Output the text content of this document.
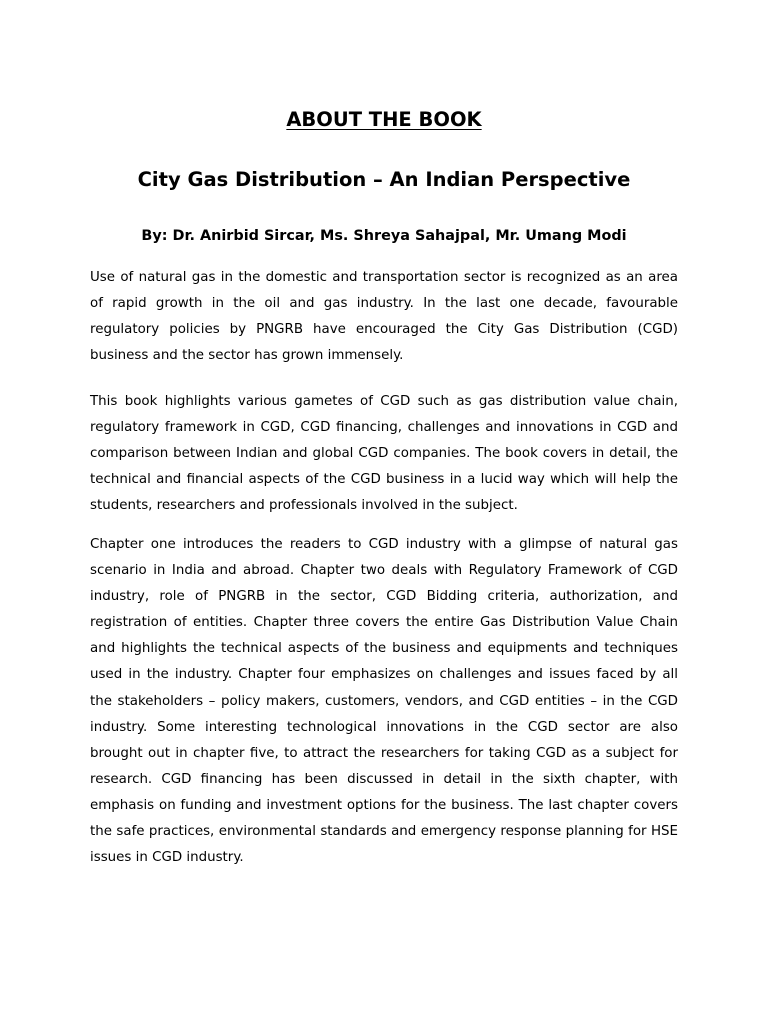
ABOUT THE BOOK
City Gas Distribution – An Indian Perspective

By: Dr. Anirbid Sircar, Ms. Shreya Sahajpal, Mr. Umang Modi

Use of natural gas in the domestic and transportation sector is recognized as an area of rapid growth in the oil and gas industry. In the last one decade, favourable regulatory policies by PNGRB have encouraged the City Gas Distribution (CGD) business and the sector has grown immensely.

This book highlights various gametes of CGD such as gas distribution value chain, regulatory framework in CGD, CGD financing, challenges and innovations in CGD and comparison between Indian and global CGD companies. The book covers in detail, the technical and financial aspects of the CGD business in a lucid way which will help the students, researchers and professionals involved in the subject.

Chapter one introduces the readers to CGD industry with a glimpse of natural gas scenario in India and abroad. Chapter two deals with Regulatory Framework of CGD industry, role of PNGRB in the sector, CGD Bidding criteria, authorization, and registration of entities. Chapter three covers the entire Gas Distribution Value Chain and highlights the technical aspects of the business and equipments and techniques used in the industry. Chapter four emphasizes on challenges and issues faced by all the stakeholders – policy makers, customers, vendors, and CGD entities – in the CGD industry. Some interesting technological innovations in the CGD sector are also brought out in chapter five, to attract the researchers for taking CGD as a subject for research. CGD financing has been discussed in detail in the sixth chapter, with emphasis on funding and investment options for the business. The last chapter covers the safe practices, environmental standards and emergency response planning for HSE issues in CGD industry.
